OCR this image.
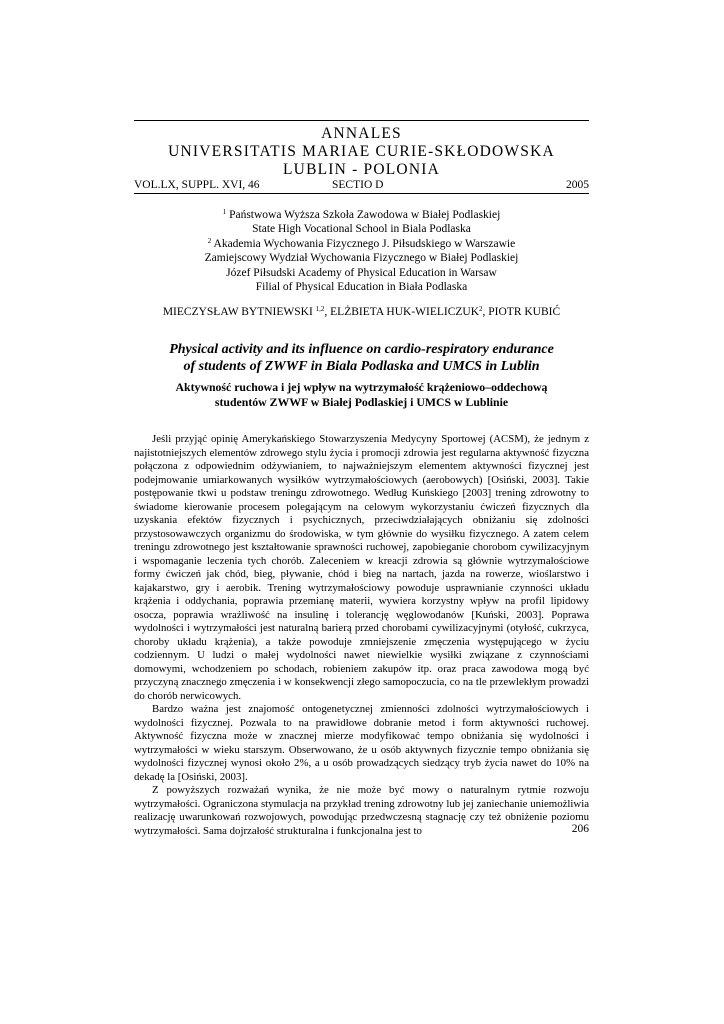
ANNALES
UNIVERSITATIS MARIAE CURIE-SKŁODOWSKA
LUBLIN - POLONIA
VOL.LX, SUPPL. XVI, 46	SECTIO D	2005
$^1$ Państwowa Wyższa Szkoła Zawodowa w Białej Podlaskiej
State High Vocational School in Biala Podlaska
$^2$ Akademia Wychowania Fizycznego J. Piłsudskiego w Warszawie
Zamiejscowy Wydział Wychowania Fizycznego w Białej Podlaskiej
Józef Piłsudski Academy of Physical Education in Warsaw
Filial of Physical Education in Biała Podlaska
MIECZYSŁAW BYTNIEWSKI $^{1,2}$, ELŻBIETA HUK-WIELICZUK$^2$, PIOTR KUBIĆ
Physical activity and its influence on cardio-respiratory endurance
of students of ZWWF in Biala Podlaska and UMCS in Lublin
Aktywność ruchowa i jej wpływ na wytrzymałość krążeniowo–oddechową
studentów ZWWF w Białej Podlaskiej i UMCS w Lublinie

Jeśli przyjąć opinię Amerykańskiego Stowarzyszenia Medycyny Sportowej (ACSM), że jednym z najistotniejszych elementów zdrowego stylu życia i promocji zdrowia jest regularna aktywność fizyczna połączona z odpowiednim odżywianiem, to najważniejszym elementem aktywności fizycznej jest podejmowanie umiarkowanych wysiłków wytrzymałościowych (aerobowych) [Osiński, 2003]. Takie postępowanie tkwi u podstaw treningu zdrowotnego. Według Kuńskiego [2003] trening zdrowotny to świadome kierowanie procesem polegającym na celowym wykorzystaniu ćwiczeń fizycznych dla uzyskania efektów fizycznych i psychicznych, przeciwdziałających obniżaniu się zdolności przystosowawczych organizmu do środowiska, w tym głównie do wysiłku fizycznego. A zatem celem treningu zdrowotnego jest kształtowanie sprawności ruchowej, zapobieganie chorobom cywilizacyjnym i wspomaganie leczenia tych chorób. Zaleceniem w kreacji zdrowia są głównie wytrzymałościowe formy ćwiczeń jak chód, bieg, pływanie, chód i bieg na nartach, jazda na rowerze, wioślarstwo i kajakarstwo, gry i aerobik. Trening wytrzymałościowy powoduje usprawnianie czynności układu krążenia i oddychania, poprawia przemianę materii, wywiera korzystny wpływ na profil lipidowy osocza, poprawia wrażliwość na insulinę i tolerancję węglowodanów [Kuński, 2003]. Poprawa wydolności i wytrzymałości jest naturalną barierą przed chorobami cywilizacyjnymi (otyłość, cukrzyca, choroby układu krążenia), a także powoduje zmniejszenie zmęczenia występującego w życiu codziennym. U ludzi o małej wydolności nawet niewielkie wysiłki związane z czynnościami domowymi, wchodzeniem po schodach, robieniem zakupów itp. oraz praca zawodowa mogą być przyczyną znacznego zmęczenia i w konsekwencji złego samopoczucia, co na tle przewlekłym prowadzi do chorób nerwicowych.

Bardzo ważna jest znajomość ontogenetycznej zmienności zdolności wytrzymałościowych i wydolności fizycznej. Pozwala to na prawidłowe dobranie metod i form aktywności ruchowej. Aktywność fizyczna może w znacznej mierze modyfikować tempo obniżania się wydolności i wytrzymałości w wieku starszym. Obserwowano, że u osób aktywnych fizycznie tempo obniżania się wydolności fizycznej wynosi około 2%, a u osób prowadzących siedzący tryb życia nawet do 10% na dekadę la [Osiński, 2003].

Z powyższych rozważań wynika, że nie może być mowy o naturalnym rytmie rozwoju wytrzymałości. Ograniczona stymulacja na przykład trening zdrowotny lub jej zaniechanie uniemożliwia realizację uwarunkowań rozwojowych, powodując przedwczesną stagnację czy też obniżenie poziomu wytrzymałości. Sama dojrzałość strukturalna i funkcjonalna jest to	206
